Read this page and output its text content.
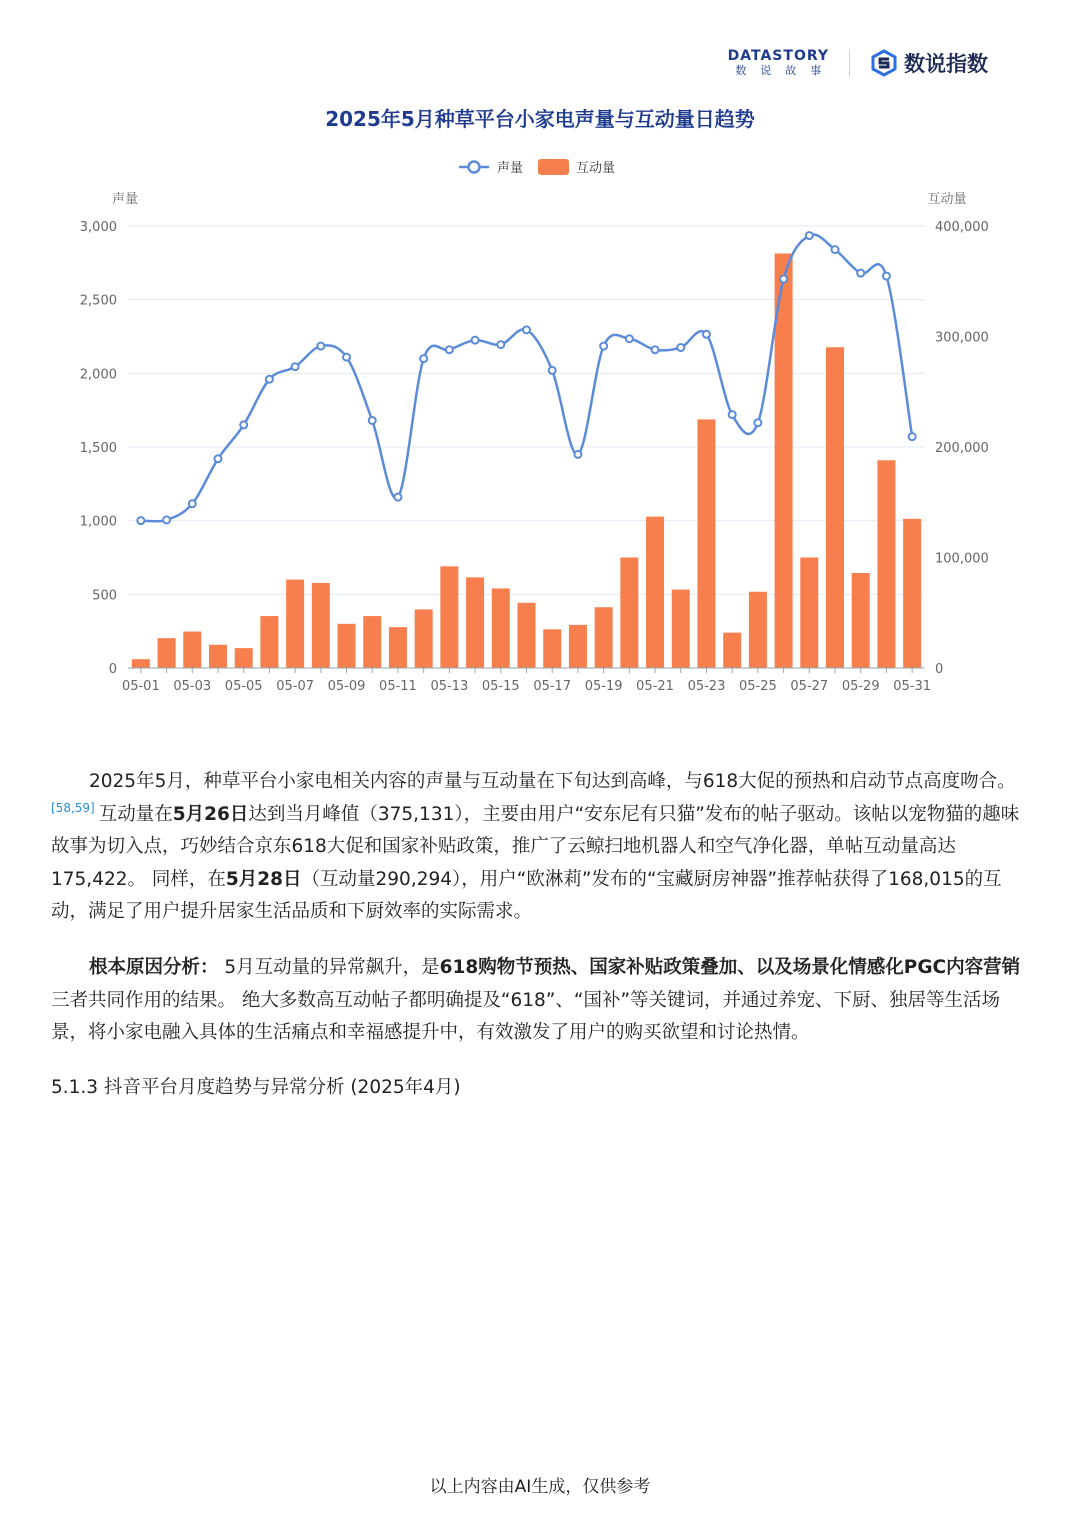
DATASTORY
数说故事	数说指数
2025年5月种草平台小家电声量与互动量日趋势
声量	互动量
声量	互动量
0
500
1,000
1,500
2,000
2,500
3,000
0
100,000
200,000
300,000
400,000
05-01 05-03 05-05 05-07 05-09 05-11 05-13 05-15 05-17 05-19 05-21 05-23 05-25 05-27 05-29 05-31

2025年5月，种草平台小家电相关内容的声量与互动量在下旬达到高峰，与618大促的预热和启动节点高度吻合。[58,59] 互动量在5月26日达到当月峰值（375,131），主要由用户“安东尼有只猫”发布的帖子驱动。该帖以宠物猫的趣味故事为切入点，巧妙结合京东618大促和国家补贴政策，推广了云鲸扫地机器人和空气净化器，单帖互动量高达175,422。 同样，在5月28日（互动量290,294），用户“欧淋莉”发布的“宝藏厨房神器”推荐帖获得了168,015的互动，满足了用户提升居家生活品质和下厨效率的实际需求。

根本原因分析： 5月互动量的异常飙升，是618购物节预热、国家补贴政策叠加、以及场景化情感化PGC内容营销三者共同作用的结果。 绝大多数高互动帖子都明确提及“618”、“国补”等关键词，并通过养宠、下厨、独居等生活场景，将小家电融入具体的生活痛点和幸福感提升中，有效激发了用户的购买欲望和讨论热情。

5.1.3 抖音平台月度趋势与异常分析 (2025年4月)

以上内容由AI生成，仅供参考
